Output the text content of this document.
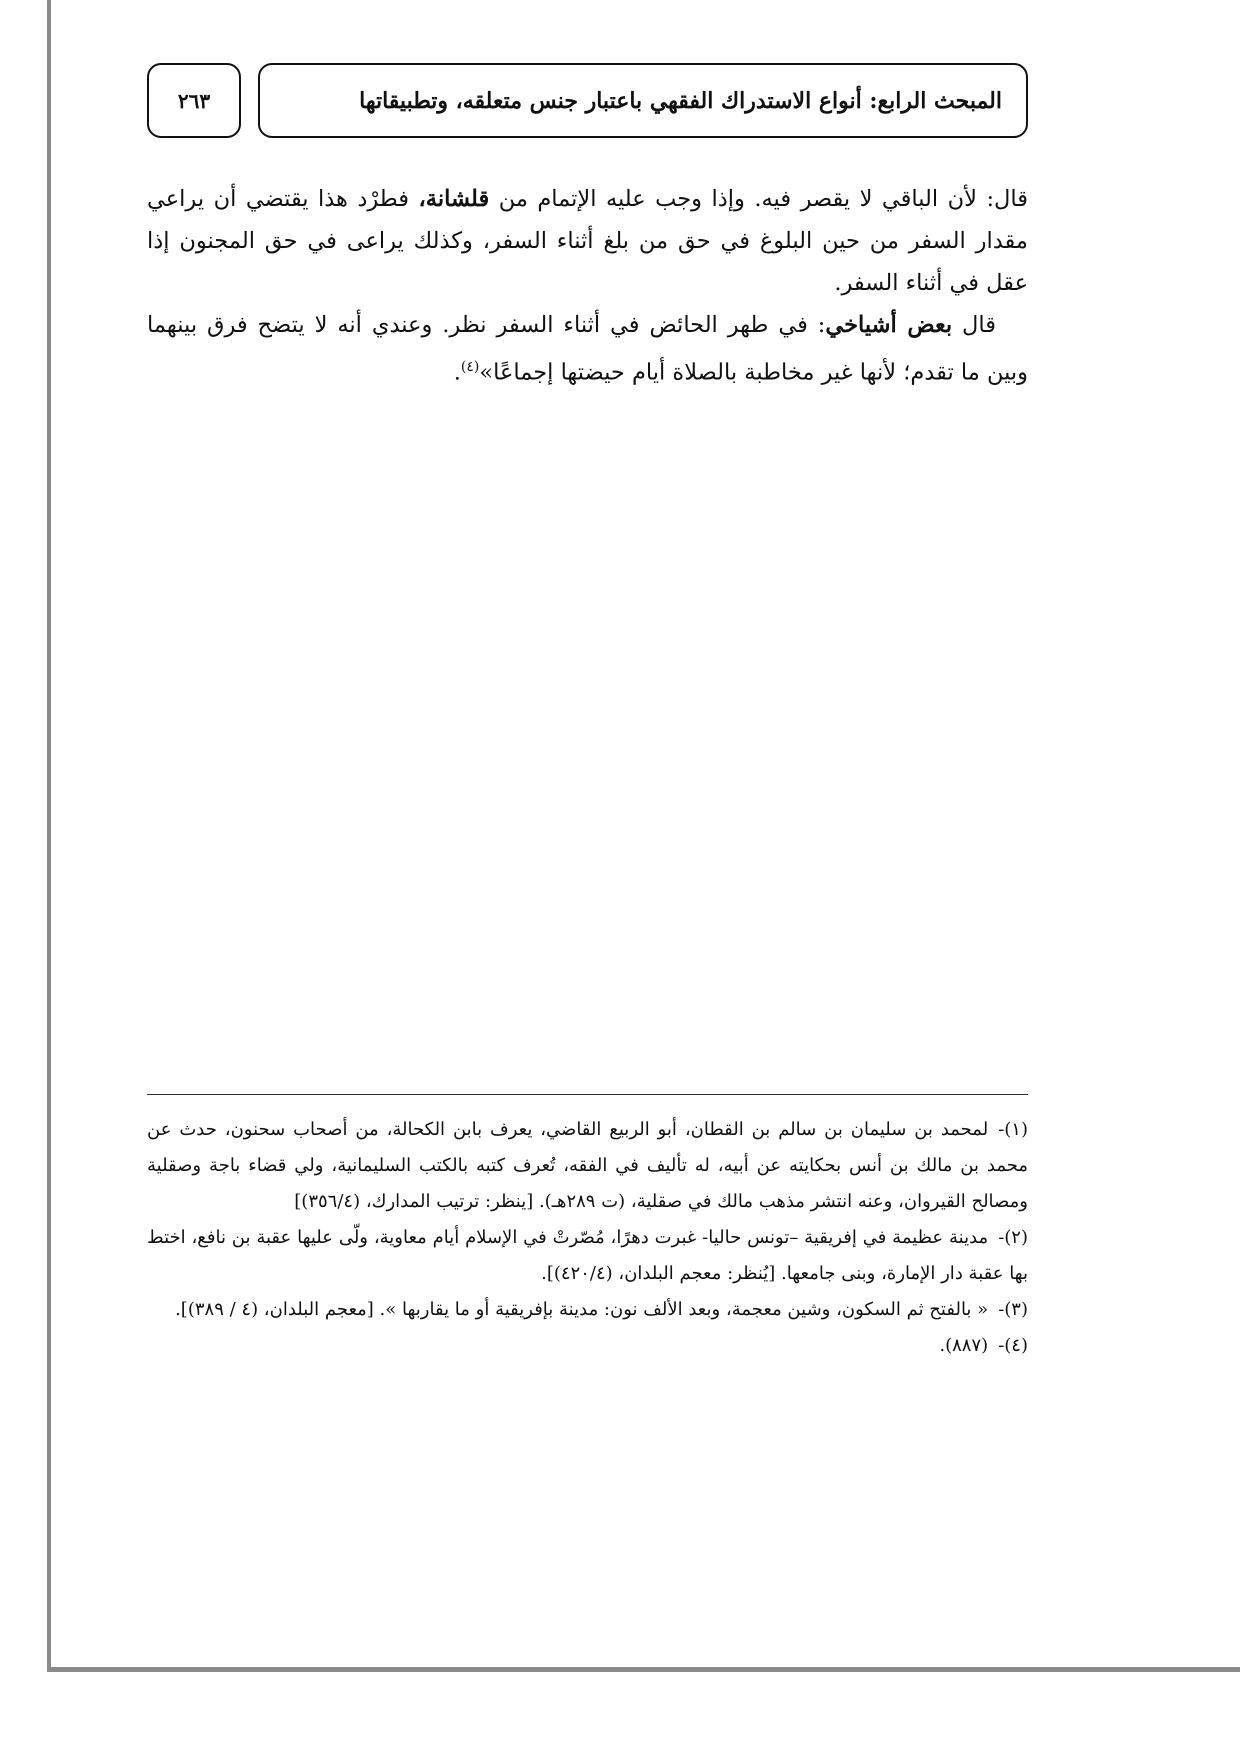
٢٦٣	المبحث الرابع: أنواع الاستدراك الفقهي باعتبار جنس متعلقه، وتطبيقاتها

قال: لأن الباقي لا يقصر فيه. وإذا وجب عليه الإتمام من قلشانة، فطرْد هذا يقتضي أن يراعي مقدار السفر من حين البلوغ في حق من بلغ أثناء السفر، وكذلك يراعى في حق المجنون إذا عقل في أثناء السفر.

قال بعض أشياخي: في طهر الحائض في أثناء السفر نظر. وعندي أنه لا يتضح فرق بينهما وبين ما تقدم؛ لأنها غير مخاطبة بالصلاة أيام حيضتها إجماعًا»$^{(٤)}$.

(١)-لمحمد بن سليمان بن سالم بن القطان، أبو الربيع القاضي، يعرف بابن الكحالة، من أصحاب سحنون، حدث عن محمد بن مالك بن أنس بحكايته عن أبيه، له تأليف في الفقه، تُعرف كتبه بالكتب السليمانية، ولي قضاء باجة وصقلية ومصالح القيروان، وعنه انتشر مذهب مالك في صقلية، (ت ٢٨٩هـ). [ينظر: ترتيب المدارك، (٣٥٦/٤)]

(٢)-مدينة عظيمة في إفريقية –تونس حاليا- غبرت دهرًا، مُصّرتْ في الإسلام أيام معاوية، ولّى عليها عقبة بن نافع، اختط بها عقبة دار الإمارة، وبنى جامعها. [يُنظر: معجم البلدان، (٤٢٠/٤)].

(٣)-« بالفتح ثم السكون، وشين معجمة، وبعد الألف نون: مدينة بإفريقية أو ما يقاربها ». [معجم البلدان، (٤ / ٣٨٩)].

(٤)-(٨٨٧).
